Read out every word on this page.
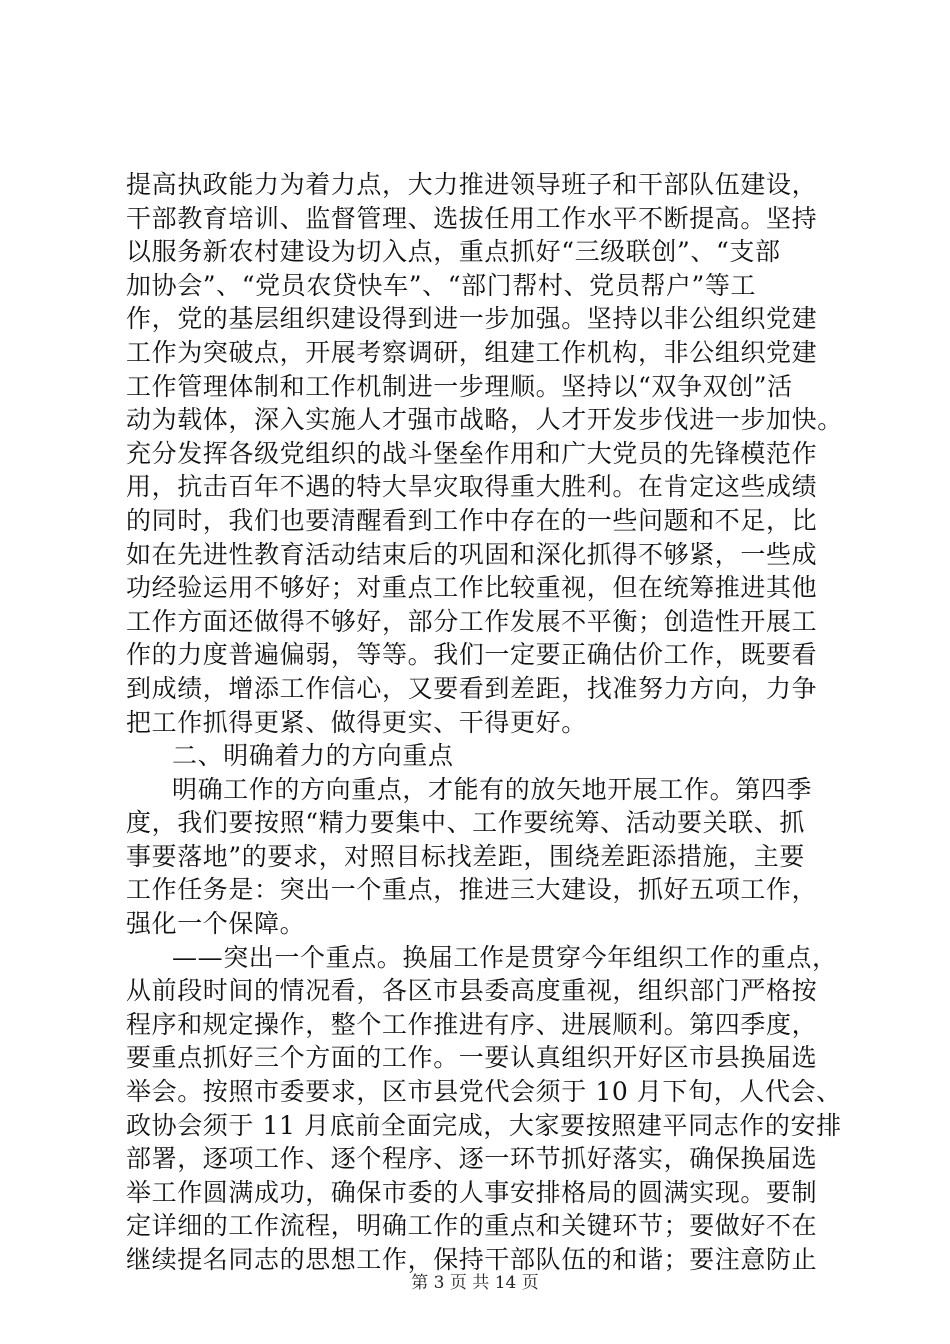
提高执政能力为着力点，大力推进领导班子和干部队伍建设，
干部教育培训、监督管理、选拔任用工作水平不断提高。坚持
以服务新农村建设为切入点，重点抓好“三级联创”、“支部
加协会”、“党员农贷快车”、“部门帮村、党员帮户”等工
作，党的基层组织建设得到进一步加强。坚持以非公组织党建
工作为突破点，开展考察调研，组建工作机构，非公组织党建
工作管理体制和工作机制进一步理顺。坚持以“双争双创”活
动为载体，深入实施人才强市战略，人才开发步伐进一步加快。
充分发挥各级党组织的战斗堡垒作用和广大党员的先锋模范作
用，抗击百年不遇的特大旱灾取得重大胜利。在肯定这些成绩
的同时，我们也要清醒看到工作中存在的一些问题和不足，比
如在先进性教育活动结束后的巩固和深化抓得不够紧，一些成
功经验运用不够好；对重点工作比较重视，但在统筹推进其他
工作方面还做得不够好，部分工作发展不平衡；创造性开展工
作的力度普遍偏弱，等等。我们一定要正确估价工作，既要看
到成绩，增添工作信心，又要看到差距，找准努力方向，力争
把工作抓得更紧、做得更实、干得更好。
二、明确着力的方向重点
明确工作的方向重点，才能有的放矢地开展工作。第四季
度，我们要按照“精力要集中、工作要统筹、活动要关联、抓
事要落地”的要求，对照目标找差距，围绕差距添措施，主要
工作任务是：突出一个重点，推进三大建设，抓好五项工作，
强化一个保障。
——突出一个重点。换届工作是贯穿今年组织工作的重点，
从前段时间的情况看，各区市县委高度重视，组织部门严格按
程序和规定操作，整个工作推进有序、进展顺利。第四季度，
要重点抓好三个方面的工作。一要认真组织开好区市县换届选
举会。按照市委要求，区市县党代会须于 10 月下旬，人代会、
政协会须于 11 月底前全面完成，大家要按照建平同志作的安排
部署，逐项工作、逐个程序、逐一环节抓好落实，确保换届选
举工作圆满成功，确保市委的人事安排格局的圆满实现。要制
定详细的工作流程，明确工作的重点和关键环节；要做好不在
继续提名同志的思想工作，保持干部队伍的和谐；要注意防止
第 3 页 共 14 页
